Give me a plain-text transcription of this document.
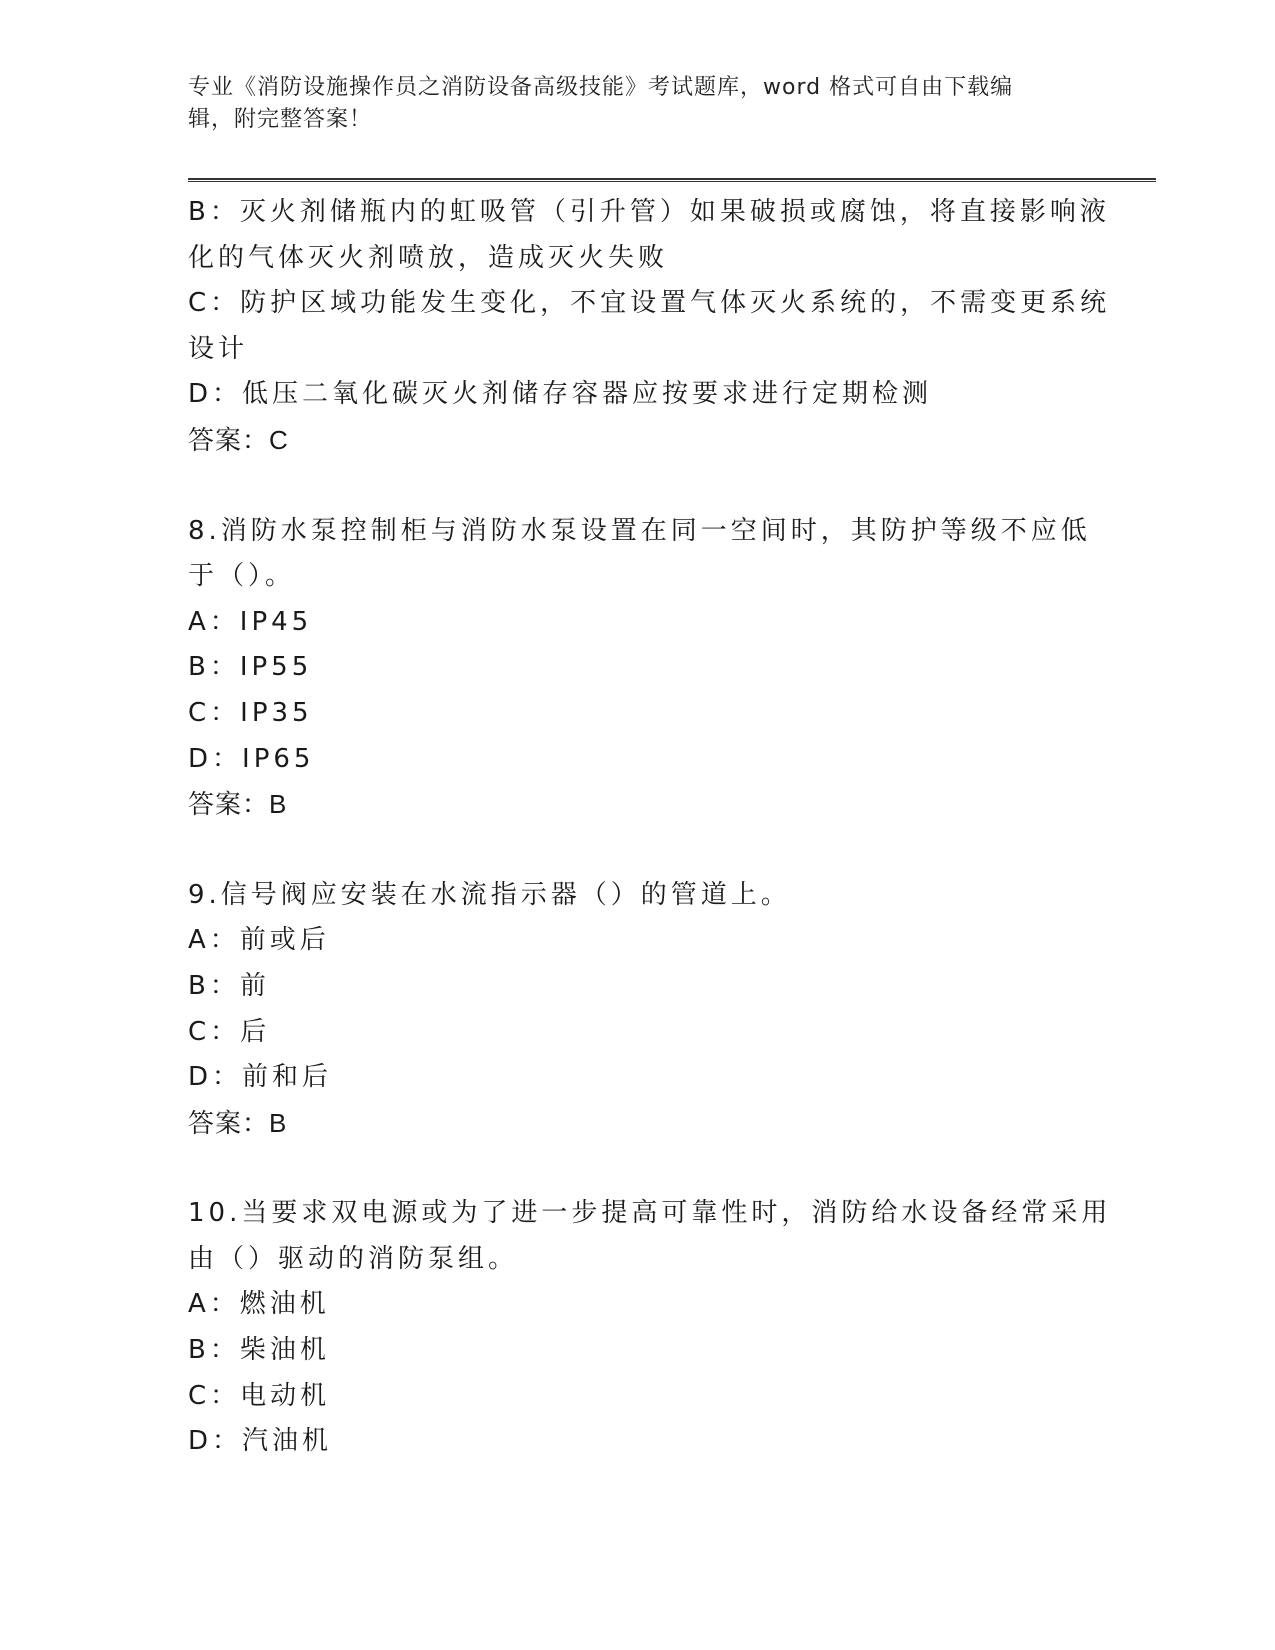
专业《消防设施操作员之消防设备高级技能》考试题库，word 格式可自由下载编
辑，附完整答案！
B：灭火剂储瓶内的虹吸管（引升管）如果破损或腐蚀，将直接影响液
化的气体灭火剂喷放，造成灭火失败
C：防护区域功能发生变化，不宜设置气体灭火系统的，不需变更系统
设计
D：低压二氧化碳灭火剂储存容器应按要求进行定期检测
答案：C
8.消防水泵控制柜与消防水泵设置在同一空间时，其防护等级不应低
于（）。
A：IP45
B：IP55
C：IP35
D：IP65
答案：B
9.信号阀应安装在水流指示器（）的管道上。
A：前或后
B：前
C：后
D：前和后
答案：B
10.当要求双电源或为了进一步提高可靠性时，消防给水设备经常采用
由（）驱动的消防泵组。
A：燃油机
B：柴油机
C：电动机
D：汽油机
